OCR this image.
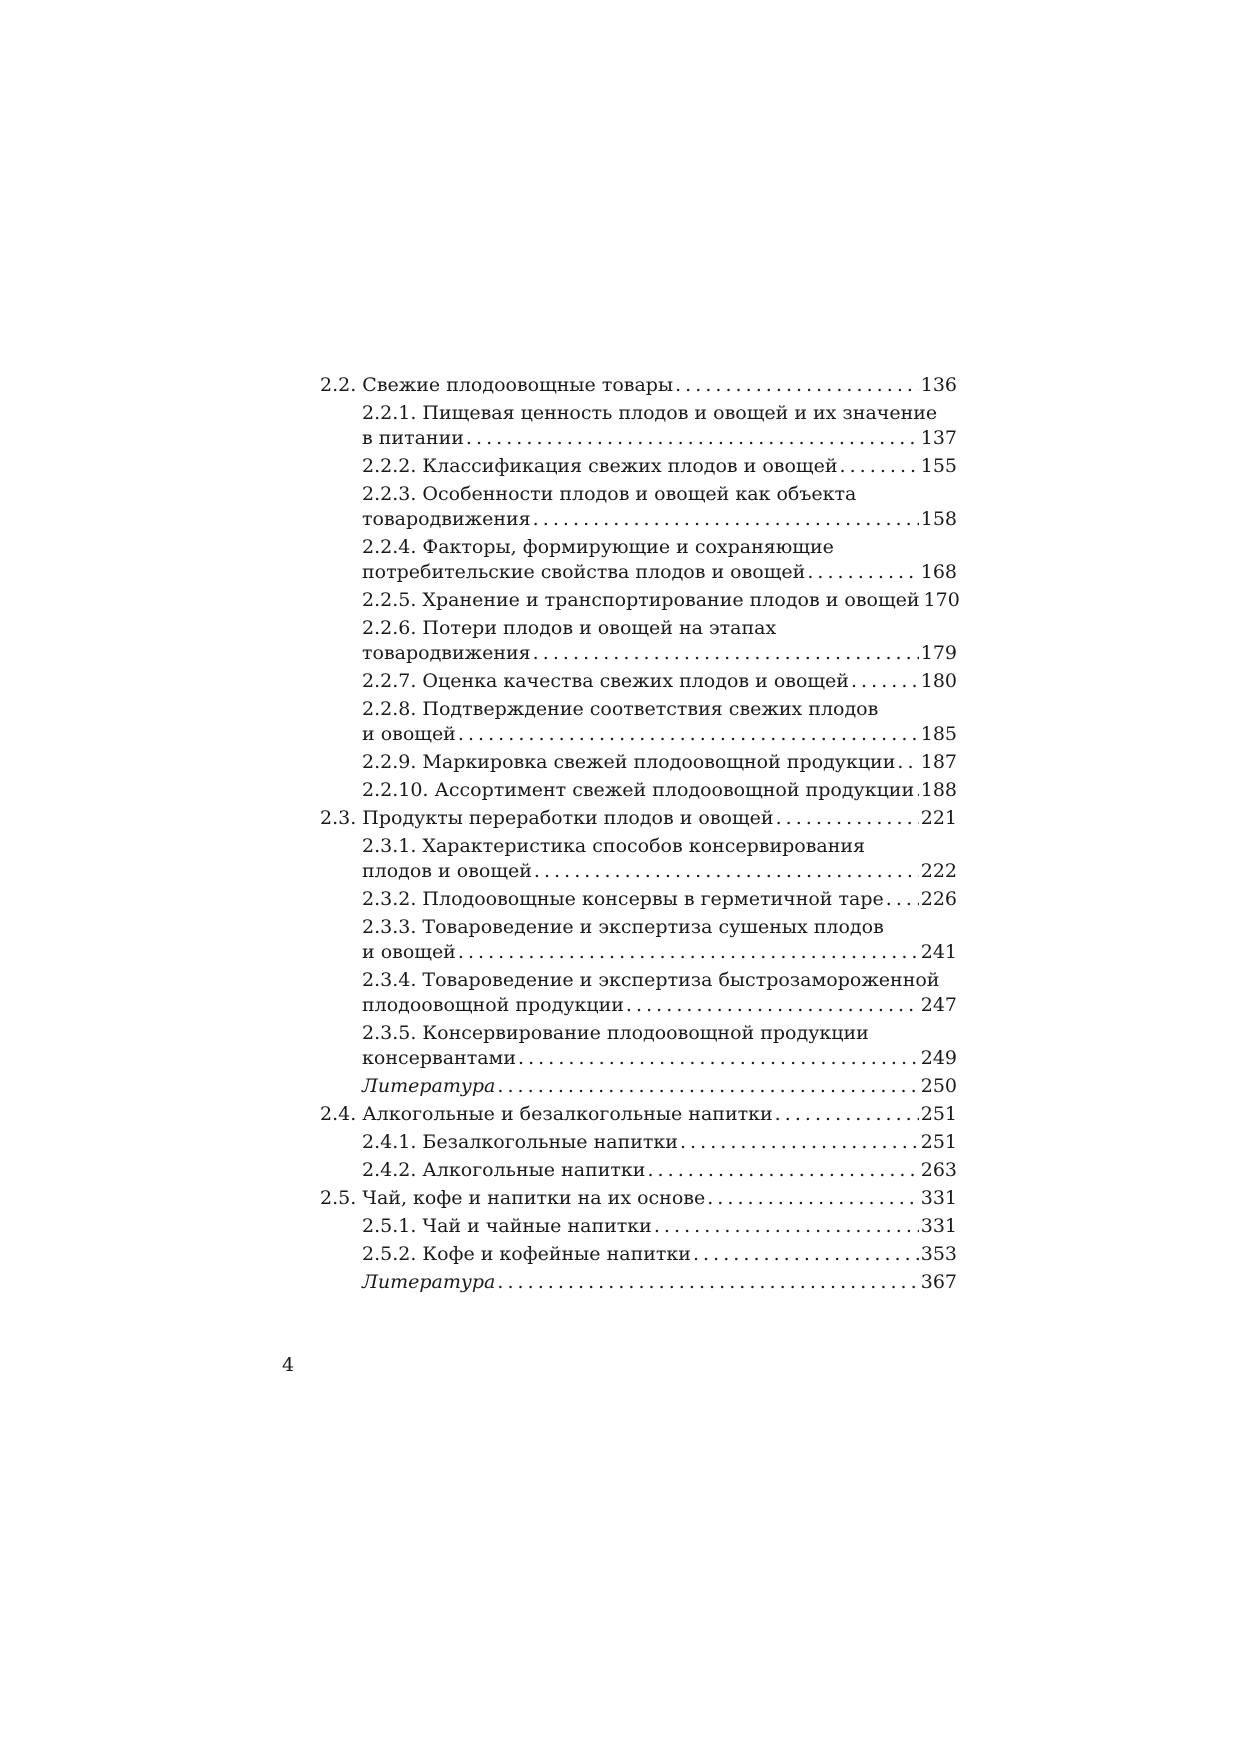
2.2. Свежие плодоовощные товары . . .	136
2.2.1. Пищевая ценность плодов и овощей и их значение
в питании . . .	137
2.2.2. Классификация свежих плодов и овощей . . .	155
2.2.3. Особенности плодов и овощей как объекта
товародвижения . . .	158
2.2.4. Факторы, формирующие и сохраняющие
потребительские свойства плодов и овощей . . .	168
2.2.5. Хранение и транспортирование плодов и овощей 170
2.2.6. Потери плодов и овощей на этапах
товародвижения . . .	179
2.2.7. Оценка качества свежих плодов и овощей . . .	180
2.2.8. Подтверждение соответствия свежих плодов
и овощей . . .	185
2.2.9. Маркировка свежей плодоовощной продукции . . . 187
2.2.10. Ассортимент свежей плодоовощной продукции . . . 188
2.3. Продукты переработки плодов и овощей . . .	221
2.3.1. Характеристика способов консервирования
плодов и овощей . . .	222
2.3.2. Плодоовощные консервы в герметичной таре . . . 226
2.3.3. Товароведение и экспертиза сушеных плодов
и овощей . . .	241
2.3.4. Товароведение и экспертиза быстрозамороженной
плодоовощной продукции . . .	247
2.3.5. Консервирование плодоовощной продукции
консервантами . . .	249
Литература . . .	250
2.4. Алкогольные и безалкогольные напитки . . .	251
2.4.1. Безалкогольные напитки . . .	251
2.4.2. Алкогольные напитки . . .	263
2.5. Чай, кофе и напитки на их основе . . .	331
2.5.1. Чай и чайные напитки . . .	331
2.5.2. Кофе и кофейные напитки . . .	353
Литература . . .	367
4
